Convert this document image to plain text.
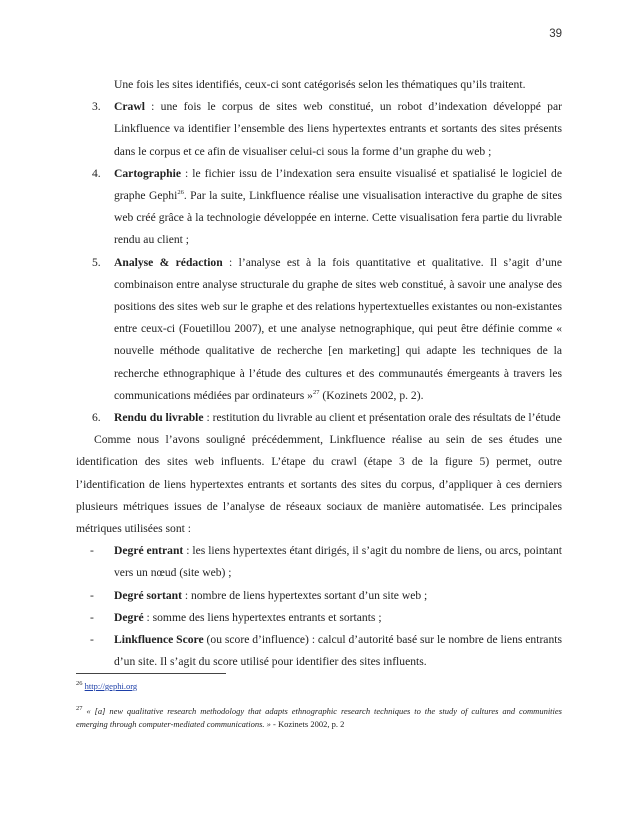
39

Une fois les sites identifiés, ceux-ci sont catégorisés selon les thématiques qu’ils traitent.

3.	Crawl : une fois le corpus de sites web constitué, un robot d’indexation développé par Linkfluence va identifier l’ensemble des liens hypertextes entrants et sortants des sites présents dans le corpus et ce afin de visualiser celui-ci sous la forme d’un graphe du web ;
4.	Cartographie : le fichier issu de l’indexation sera ensuite visualisé et spatialisé le logiciel de graphe Gephi$^{26}$. Par la suite, Linkfluence réalise une visualisation interactive du graphe de sites web créé grâce à la technologie développée en interne. Cette visualisation fera partie du livrable rendu au client ;
5.	Analyse & rédaction : l’analyse est à la fois quantitative et qualitative. Il s’agit d’une combinaison entre analyse structurale du graphe de sites web constitué, à savoir une analyse des positions des sites web sur le graphe et des relations hypertextuelles existantes ou non-existantes entre ceux-ci (Fouetillou 2007), et une analyse netnographique, qui peut être définie comme « nouvelle méthode qualitative de recherche [en marketing] qui adapte les techniques de la recherche ethnographique à l’étude des cultures et des communautés émergeants à travers les communications médiées par ordinateurs »$^{27}$ (Kozinets 2002, p. 2).
6.	Rendu du livrable : restitution du livrable au client et présentation orale des résultats de l’étude

Comme nous l’avons souligné précédemment, Linkfluence réalise au sein de ses études une identification des sites web influents. L’étape du crawl (étape 3 de la figure 5) permet, outre l’identification de liens hypertextes entrants et sortants des sites du corpus, d’appliquer à ces derniers plusieurs métriques issues de l’analyse de réseaux sociaux de manière automatisée. Les principales métriques utilisées sont :

-	Degré entrant : les liens hypertextes étant dirigés, il s’agit du nombre de liens, ou arcs, pointant vers un nœud (site web) ;
-	Degré sortant : nombre de liens hypertextes sortant d’un site web ;
-	Degré : somme des liens hypertextes entrants et sortants ;
-	Linkfluence Score (ou score d’influence) : calcul d’autorité basé sur le nombre de liens entrants d’un site. Il s’agit du score utilisé pour identifier des sites influents.
$^{26}$ http://gephi.org
$^{27}$ « [a] new qualitative research methodology that adapts ethnographic research techniques to the study of cultures and communities emerging through computer-mediated communications. » - Kozinets 2002, p. 2
